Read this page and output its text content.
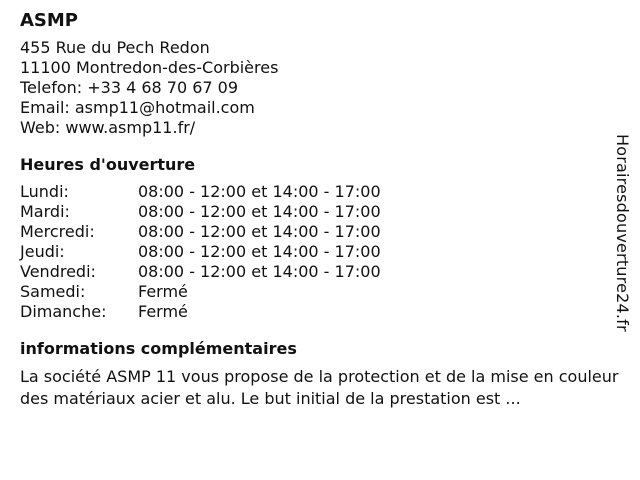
ASMP
455 Rue du Pech Redon
11100 Montredon-des-Corbières
Telefon: +33 4 68 70 67 09
Email: asmp11@hotmail.com
Web: www.asmp11.fr/
Heures d'ouverture
Lundi:	08:00 - 12:00 et 14:00 - 17:00
Mardi:	08:00 - 12:00 et 14:00 - 17:00
Mercredi:	08:00 - 12:00 et 14:00 - 17:00
Jeudi:	08:00 - 12:00 et 14:00 - 17:00
Vendredi:	08:00 - 12:00 et 14:00 - 17:00
Samedi:	Fermé
Dimanche:	Fermé
informations complémentaires
La société ASMP 11 vous propose de la protection et de la mise en couleur des matériaux acier et alu. Le but initial de la prestation est ...
Horairesdouverture24.fr
